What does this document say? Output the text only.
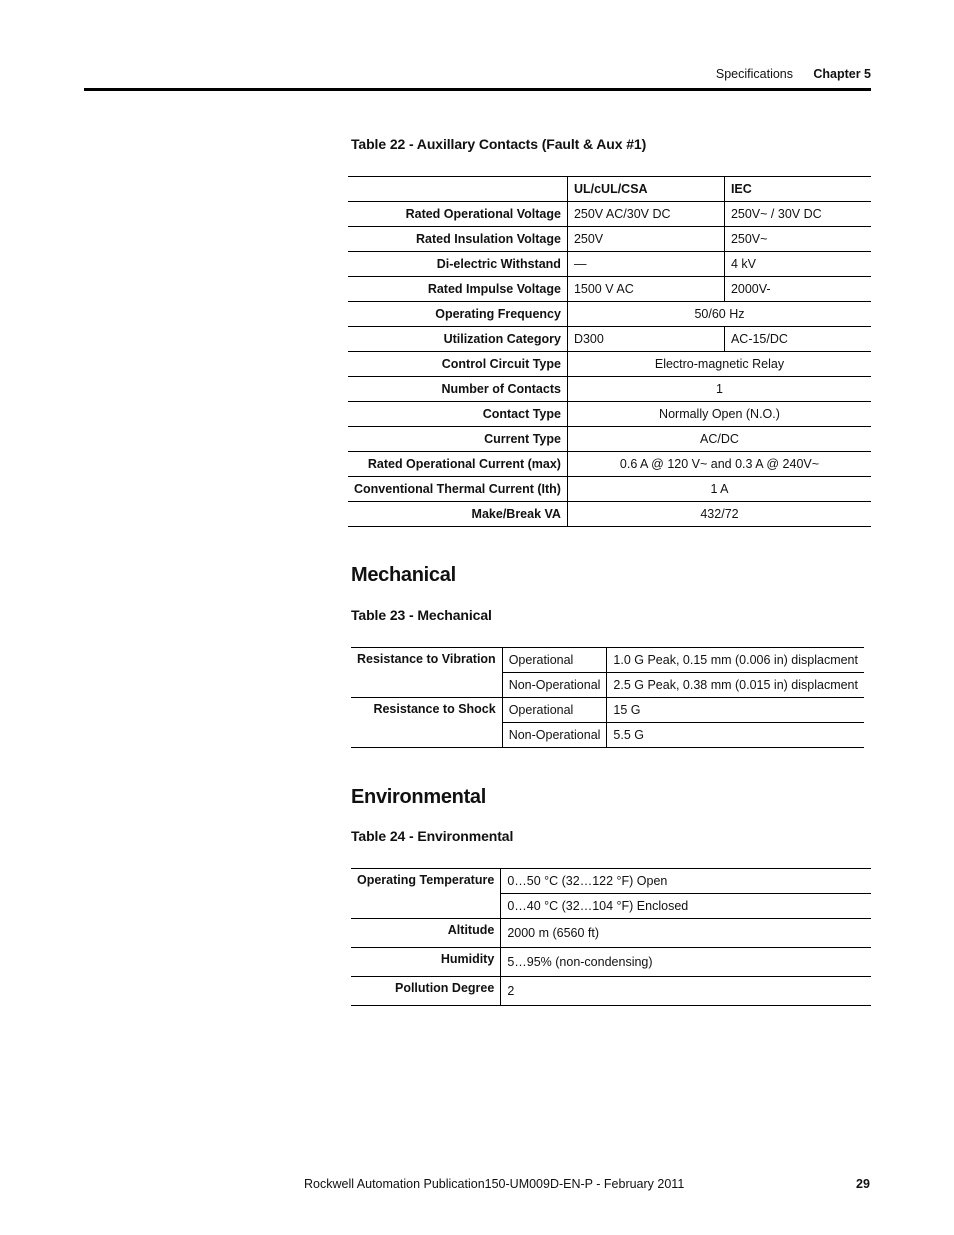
Specifications Chapter 5
Table 22 - Auxillary Contacts (Fault & Aux #1)
	UL/cUL/CSA	IEC
Rated Operational Voltage	250V AC/30V DC	250V~ / 30V DC
Rated Insulation Voltage	250V	250V~
Di-electric Withstand	—	4 kV
Rated Impulse Voltage	1500 V AC	2000V-
Operating Frequency	50/60 Hz	
Utilization Category	D300	AC-15/DC
Control Circuit Type	Electro-magnetic Relay	
Number of Contacts	1	
Contact Type	Normally Open (N.O.)	
Current Type	AC/DC	
Rated Operational Current (max)	0.6 A @ 120 V~ and 0.3 A @ 240V~	
Conventional Thermal Current (Ith)	1 A	
Make/Break VA	432/72	
Mechanical
Table 23 - Mechanical
Resistance to Vibration	Operational	1.0 G Peak, 0.15 mm (0.006 in) displacment
	Non-Operational	2.5 G Peak, 0.38 mm (0.015 in) displacment
Resistance to Shock	Operational	15 G
	Non-Operational	5.5 G
Environmental
Table 24 - Environmental
Operating Temperature	0…50 °C (32…122 °F) Open
	0…40 °C (32…104 °F) Enclosed
Altitude	2000 m (6560 ft)
Humidity	5…95% (non-condensing)
Pollution Degree	2
Rockwell Automation Publication150-UM009D-EN-P - February 2011	29
